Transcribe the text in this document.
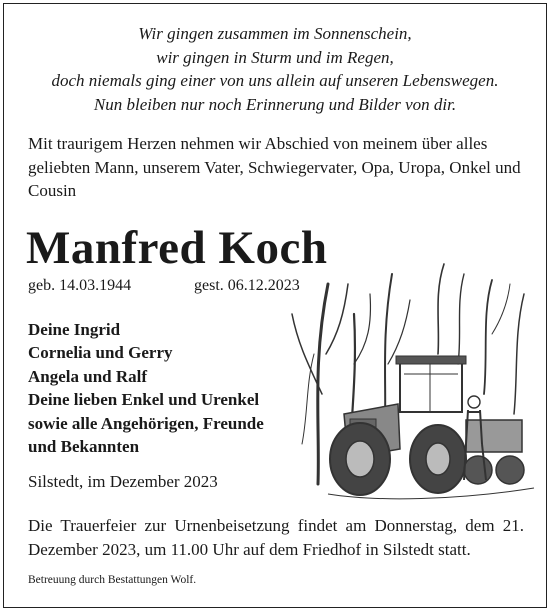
Wir gingen zusammen im Sonnenschein,
wir gingen in Sturm und im Regen,
doch niemals ging einer von uns allein auf unseren Lebenswegen.
Nun bleiben nur noch Erinnerung und Bilder von dir.
Mit traurigem Herzen nehmen wir Abschied von meinem über alles geliebten Mann, unserem Vater, Schwiegervater, Opa, Uropa, Onkel und Cousin
Manfred Koch
geb. 14.03.1944	gest. 06.12.2023
Deine Ingrid
Cornelia und Gerry
Angela und Ralf
Deine lieben Enkel und Urenkel
sowie alle Angehörigen, Freunde
und Bekannten
Silstedt, im Dezember 2023
Die Trauerfeier zur Urnenbeisetzung findet am Donnerstag, dem 21. Dezember 2023, um 11.00 Uhr auf dem Friedhof in Silstedt statt.
Betreuung durch Bestattungen Wolf.
